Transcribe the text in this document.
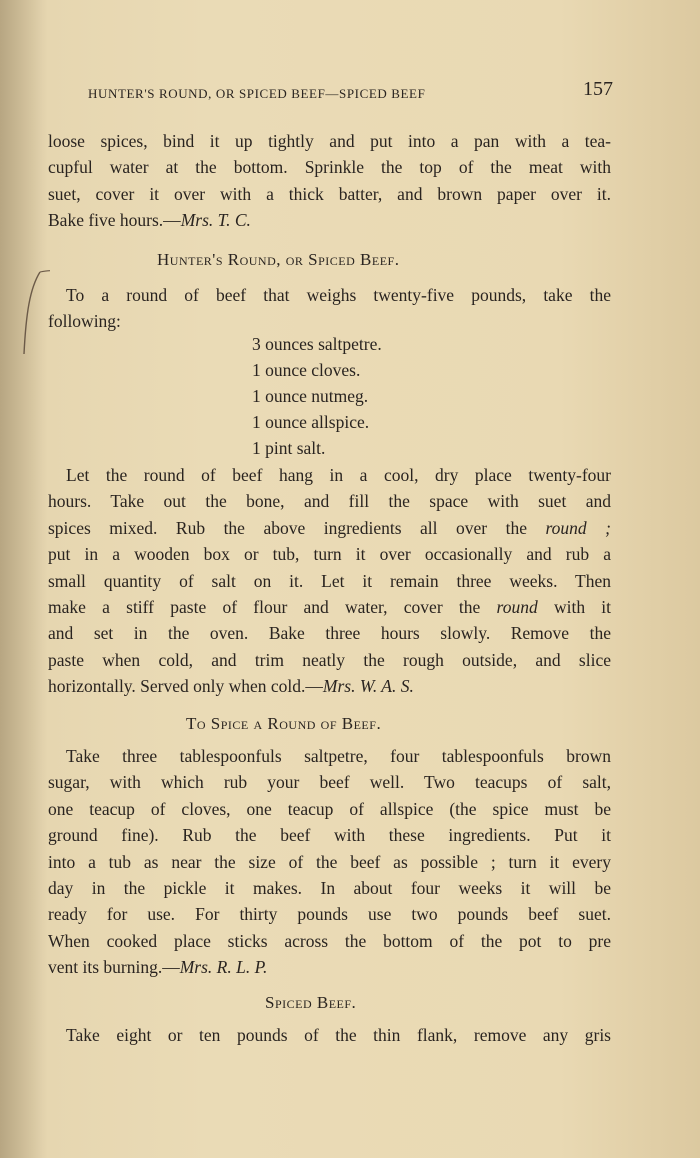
HUNTER'S ROUND, OR SPICED BEEF—SPICED BEEF	157
loose spices, bind it up tightly and put into a pan with a tea-
cupful water at the bottom. Sprinkle the top of the meat with
suet, cover it over with a thick batter, and brown paper over it.
Bake five hours.—Mrs. T. C.
Hunter's Round, or Spiced Beef.
To a round of beef that weighs twenty-five pounds, take the
following:
3 ounces saltpetre.
1 ounce cloves.
1 ounce nutmeg.
1 ounce allspice.
1 pint salt.
Let the round of beef hang in a cool, dry place twenty-four
hours. Take out the bone, and fill the space with suet and
spices mixed. Rub the above ingredients all over the round ;
put in a wooden box or tub, turn it over occasionally and rub a
small quantity of salt on it. Let it remain three weeks. Then
make a stiff paste of flour and water, cover the round with it
and set in the oven. Bake three hours slowly. Remove the
paste when cold, and trim neatly the rough outside, and slice
horizontally. Served only when cold.—Mrs. W. A. S.
To Spice a Round of Beef.
Take three tablespoonfuls saltpetre, four tablespoonfuls brown
sugar, with which rub your beef well. Two teacups of salt,
one teacup of cloves, one teacup of allspice (the spice must be
ground fine). Rub the beef with these ingredients. Put it
into a tub as near the size of the beef as possible ; turn it every
day in the pickle it makes. In about four weeks it will be
ready for use. For thirty pounds use two pounds beef suet.
When cooked place sticks across the bottom of the pot to pre
vent its burning.—Mrs. R. L. P.
Spiced Beef.
Take eight or ten pounds of the thin flank, remove any gris
